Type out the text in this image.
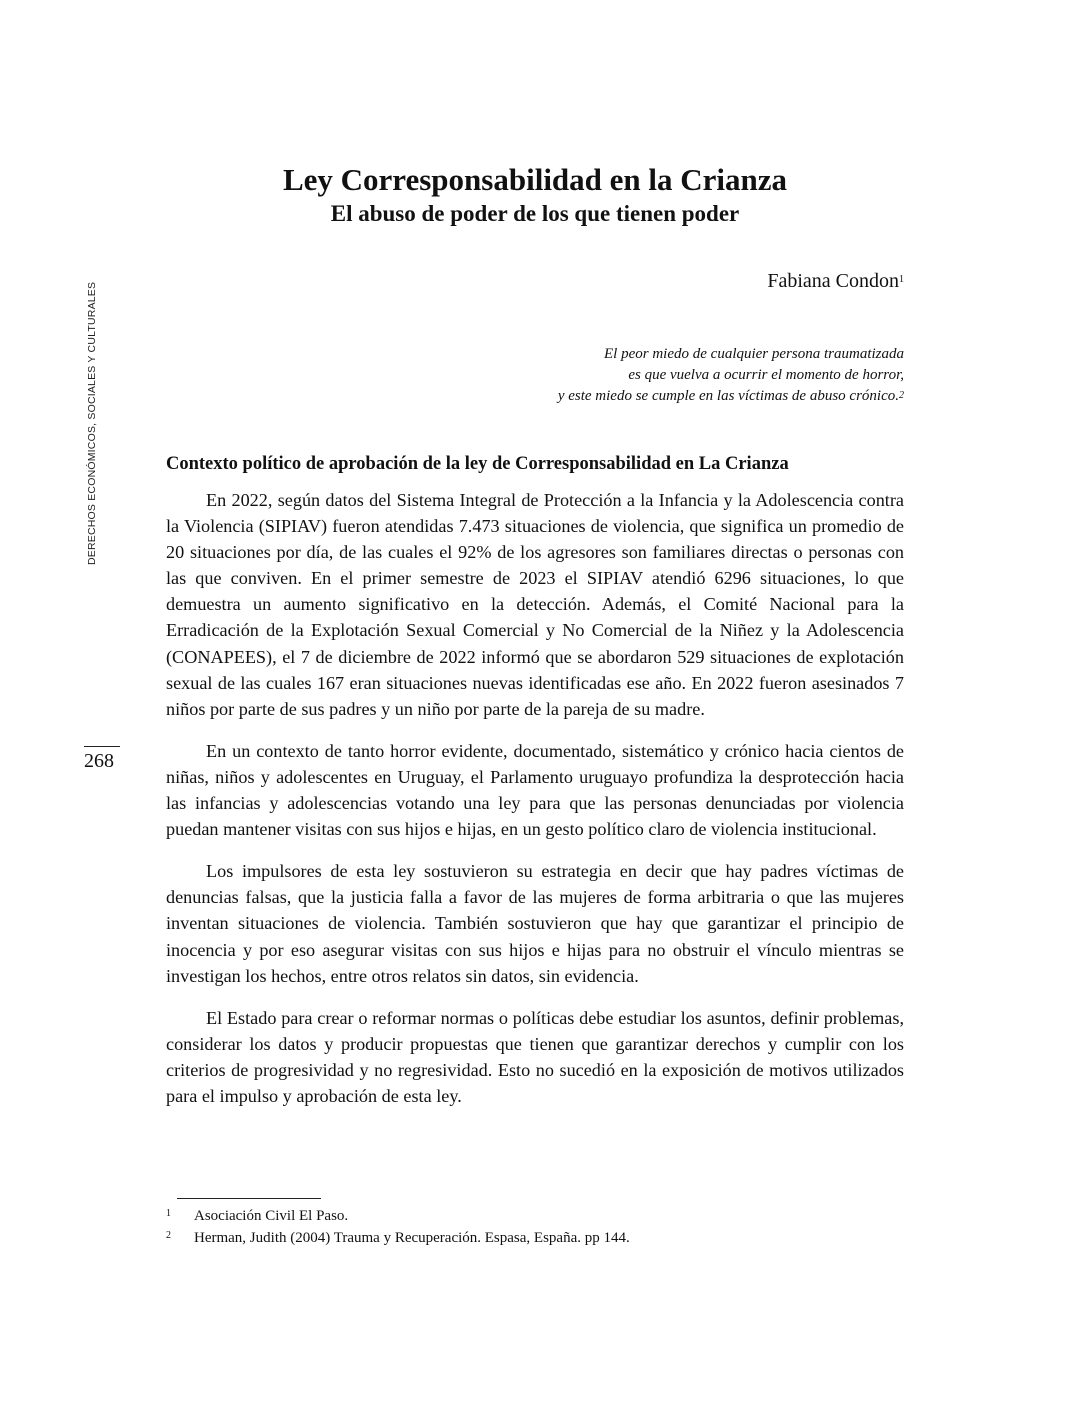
DERECHOS ECONÓMICOS, SOCIALES Y CULTURALES
268
Ley Corresponsabilidad en la Crianza
El abuso de poder de los que tienen poder
Fabiana Condon$^1$
El peor miedo de cualquier persona traumatizada
es que vuelva a ocurrir el momento de horror,
y este miedo se cumple en las víctimas de abuso crónico.$^2$
Contexto político de aprobación de la ley de Corresponsabilidad en La Crianza

En 2022, según datos del Sistema Integral de Protección a la Infancia y la Adolescencia contra la Violencia (SIPIAV) fueron atendidas 7.473 situaciones de violencia, que significa un promedio de 20 situaciones por día, de las cuales el 92% de los agresores son familiares directas o personas con las que conviven. En el primer semestre de 2023 el SIPIAV atendió 6296 situaciones, lo que demuestra un aumento significativo en la detección. Además, el Comité Nacional para la Erradicación de la Explotación Sexual Comercial y No Comercial de la Niñez y la Adolescencia (CONAPEES), el 7 de diciembre de 2022 informó que se abordaron 529 situaciones de explotación sexual de las cuales 167 eran situaciones nuevas identificadas ese año. En 2022 fueron asesinados 7 niños por parte de sus padres y un niño por parte de la pareja de su madre.

En un contexto de tanto horror evidente, documentado, sistemático y crónico hacia cientos de niñas, niños y adolescentes en Uruguay, el Parlamento uruguayo profundiza la desprotección hacia las infancias y adolescencias votando una ley para que las personas denunciadas por violencia puedan mantener visitas con sus hijos e hijas, en un gesto político claro de violencia institucional.

Los impulsores de esta ley sostuvieron su estrategia en decir que hay padres víctimas de denuncias falsas, que la justicia falla a favor de las mujeres de forma arbitraria o que las mujeres inventan situaciones de violencia. También sostuvieron que hay que garantizar el principio de inocencia y por eso asegurar visitas con sus hijos e hijas para no obstruir el vínculo mientras se investigan los hechos, entre otros relatos sin datos, sin evidencia.

El Estado para crear o reformar normas o políticas debe estudiar los asuntos, definir problemas, considerar los datos y producir propuestas que tienen que garantizar derechos y cumplir con los criterios de progresividad y no regresividad. Esto no sucedió en la exposición de motivos utilizados para el impulso y aprobación de esta ley.

1 Asociación Civil El Paso.
2 Herman, Judith (2004) Trauma y Recuperación. Espasa, España. pp 144.
